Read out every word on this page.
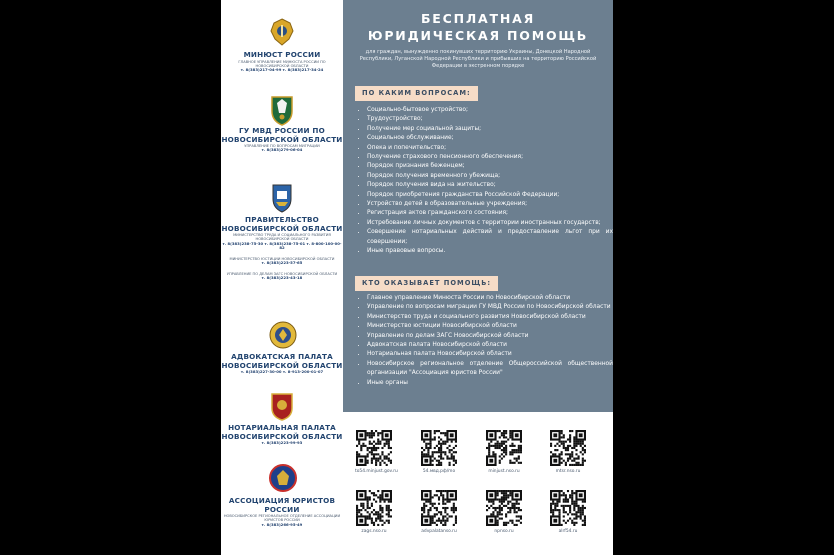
МИНЮСТ РОССИИ
ГЛАВНОЕ УПРАВЛЕНИЕ МИНЮСТА РОССИИ ПО НОВОСИБИРСКОЙ ОБЛАСТИ
т. 8(383)217-04-99 т. 8(383)217-34-24
ГУ МВД РОССИИ ПО НОВОСИБИРСКОЙ ОБЛАСТИ
УПРАВЛЕНИЕ ПО ВОПРОСАМ МИГРАЦИИ
т. 8(383)279-06-04
ПРАВИТЕЛЬСТВО НОВОСИБИРСКОЙ ОБЛАСТИ
МИНИСТЕРСТВО ТРУДА И СОЦИАЛЬНОГО РАЗВИТИЯ НОВОСИБИРСКОЙ ОБЛАСТИ
т. 8(383)238-75-30 т. 8(383)238-75-01 т. 8-800-100-00-82
МИНИСТЕРСТВО ЮСТИЦИИ НОВОСИБИРСКОЙ ОБЛАСТИ
т. 8(383)223-57-65
УПРАВЛЕНИЕ ПО ДЕЛАМ ЗАГС НОВОСИБИРСКОЙ ОБЛАСТИ
т. 8(383)223-43-18
АДВОКАТСКАЯ ПАЛАТА НОВОСИБИРСКОЙ ОБЛАСТИ
т. 8(383)227-30-00 т. 8-913-200-01-07
НОТАРИАЛЬНАЯ ПАЛАТА НОВОСИБИРСКОЙ ОБЛАСТИ
т. 8(383)223-99-93
АССОЦИАЦИЯ ЮРИСТОВ РОССИИ
НОВОСИБИРСКОЕ РЕГИОНАЛЬНОЕ ОТДЕЛЕНИЕ АССОЦИАЦИИ ЮРИСТОВ РОССИИ
т. 8(383)266-95-49
БЕСПЛАТНАЯ
ЮРИДИЧЕСКАЯ ПОМОЩЬ
для граждан, вынужденно покинувших территорию Украины, Донецкой Народной Республики, Луганской Народной Республики и прибывших на территорию Российской Федерации в экстренном порядке
ПО КАКИМ ВОПРОСАМ:
• Социально-бытовое устройство;
• Трудоустройство;
• Получение мер социальной защиты;
• Социальное обслуживание;
• Опека и попечительство;
• Получение страхового пенсионного обеспечения;
• Порядок признания беженцем;
• Порядок получения временного убежища;
• Порядок получения вида на жительство;
• Порядок приобретения гражданства Российской Федерации;
• Устройство детей в образовательные учреждения;
• Регистрация актов гражданского состояния;
• Истребование личных документов с территории иностранных государств;
• Совершение нотариальных действий и предоставление льгот при их совершении;
• Иные правовые вопросы.
КТО ОКАЗЫВАЕТ ПОМОЩЬ:
• Главное управление Минюста России по Новосибирской области
• Управление по вопросам миграции ГУ МВД России по Новосибирской области
• Министерство труда и социального развития Новосибирской области
• Министерство юстиции Новосибирской области
• Управление по делам ЗАГС Новосибирской области
• Адвокатская палата Новосибирской области
• Нотариальная палата Новосибирской области
• Новосибирское региональное отделение Общероссийской общественной организации "Ассоциация юристов России"
• Иные органы
to54.minjust.gov.ru	54.мвд.рф/mo	minjust.nso.ru	mtsr.nso.ru
zags.nso.ru	advpalatanso.ru	npnso.ru	alrf54.ru
